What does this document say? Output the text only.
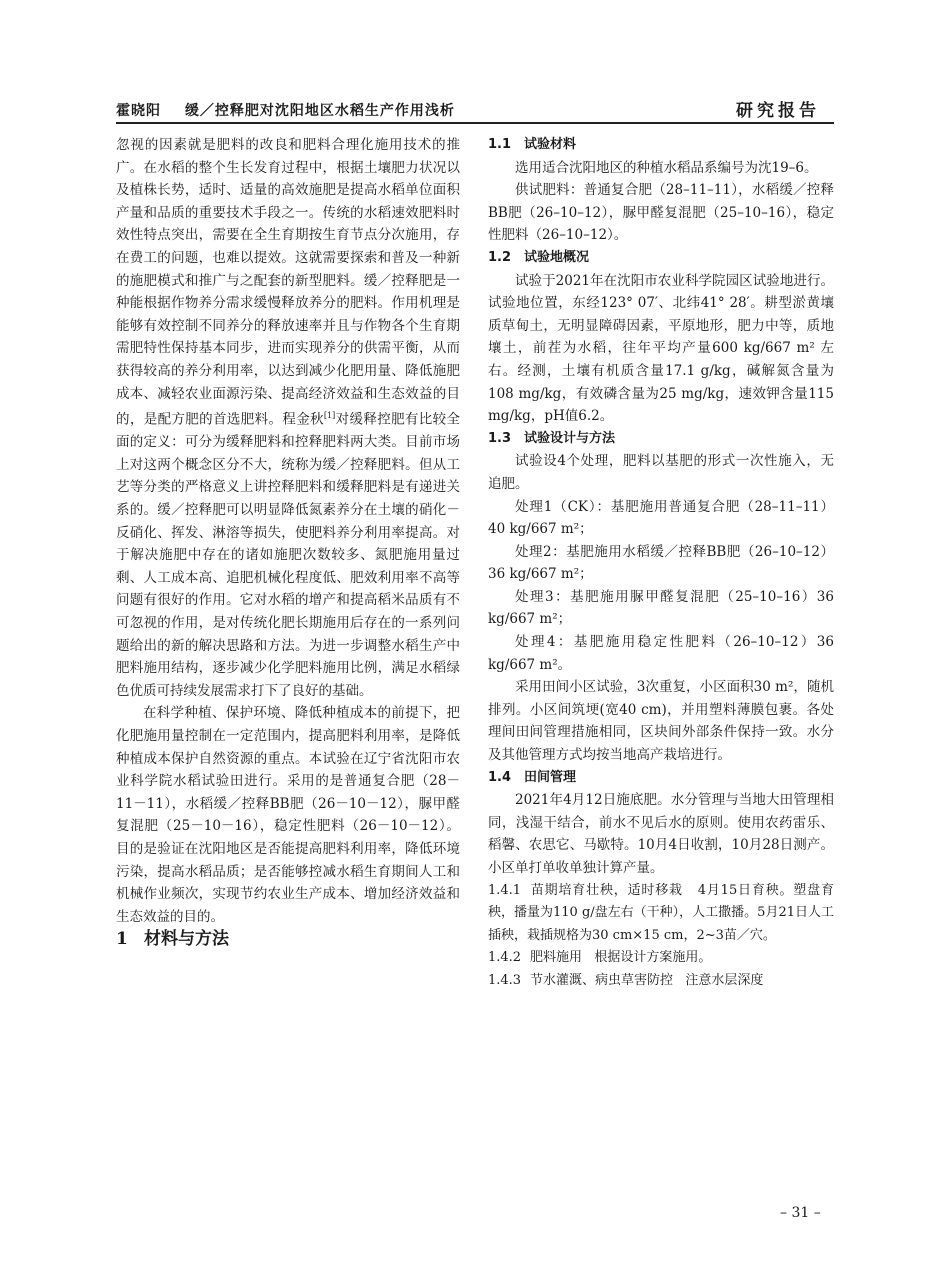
霍晓阳 缓／控释肥对沈阳地区水稻生产作用浅析	研究报告

忽视的因素就是肥料的改良和肥料合理化施用技术的推广。在水稻的整个生长发育过程中，根据土壤肥力状况以及植株长势，适时、适量的高效施肥是提高水稻单位面积产量和品质的重要技术手段之一。传统的水稻速效肥料时效性特点突出，需要在全生育期按生育节点分次施用，存在费工的问题，也难以提效。这就需要探索和普及一种新的施肥模式和推广与之配套的新型肥料。缓／控释肥是一种能根据作物养分需求缓慢释放养分的肥料。作用机理是能够有效控制不同养分的释放速率并且与作物各个生育期需肥特性保持基本同步，进而实现养分的供需平衡，从而获得较高的养分利用率，以达到减少化肥用量、降低施肥成本、减轻农业面源污染、提高经济效益和生态效益的目的，是配方肥的首选肥料。程金秋[1]对缓释控肥有比较全面的定义：可分为缓释肥料和控释肥料两大类。目前市场上对这两个概念区分不大，统称为缓／控释肥料。但从工艺等分类的严格意义上讲控释肥料和缓释肥料是有递进关系的。缓／控释肥可以明显降低氮素养分在土壤的硝化－反硝化、挥发、淋溶等损失，使肥料养分利用率提高。对于解决施肥中存在的诸如施肥次数较多、氮肥施用量过剩、人工成本高、追肥机械化程度低、肥效利用率不高等问题有很好的作用。它对水稻的增产和提高稻米品质有不可忽视的作用，是对传统化肥长期施用后存在的一系列问题给出的新的解决思路和方法。为进一步调整水稻生产中肥料施用结构，逐步减少化学肥料施用比例，满足水稻绿色优质可持续发展需求打下了良好的基础。

在科学种植、保护环境、降低种植成本的前提下，把化肥施用量控制在一定范围内，提高肥料利用率，是降低种植成本保护自然资源的重点。本试验在辽宁省沈阳市农业科学院水稻试验田进行。采用的是普通复合肥（28－11－11），水稻缓／控释BB肥（26－10－12），脲甲醛复混肥（25－10－16），稳定性肥料（26－10－12）。目的是验证在沈阳地区是否能提高肥料利用率，降低环境污染，提高水稻品质；是否能够控减水稻生育期间人工和机械作业频次，实现节约农业生产成本、增加经济效益和生态效益的目的。

1 材料与方法

1.1 试验材料

选用适合沈阳地区的种植水稻品系编号为沈19–6。

供试肥料：普通复合肥（28–11–11），水稻缓／控释BB肥（26–10–12），脲甲醛复混肥（25–10–16），稳定性肥料（26–10–12）。

1.2 试验地概况

试验于2021年在沈阳市农业科学院园区试验地进行。试验地位置，东经123° 07′、北纬41° 28′。耕型淤黄壤质草甸土，无明显障碍因素，平原地形，肥力中等，质地壤土，前茬为水稻，往年平均产量600 kg/667 m² 左右。经测，土壤有机质含量17.1 g/kg，碱解氮含量为108 mg/kg，有效磷含量为25 mg/kg，速效钾含量115 mg/kg，pH值6.2。

1.3 试验设计与方法

试验设4个处理，肥料以基肥的形式一次性施入，无追肥。

处理1（CK）：基肥施用普通复合肥（28–11–11）40 kg/667 m²；

处理2：基肥施用水稻缓／控释BB肥（26–10–12）36 kg/667 m²；

处理3：基肥施用脲甲醛复混肥（25–10–16）36 kg/667 m²；

处理4：基肥施用稳定性肥料（26–10–12）36 kg/667 m²。

采用田间小区试验，3次重复，小区面积30 m²，随机排列。小区间筑埂(宽40 cm)，并用塑料薄膜包裹。各处理间田间管理措施相同，区块间外部条件保持一致。水分及其他管理方式均按当地高产栽培进行。

1.4 田间管理

2021年4月12日施底肥。水分管理与当地大田管理相同，浅湿干结合，前水不见后水的原则。使用农药雷乐、稻馨、农思它、马歇特。10月4日收割，10月28日测产。小区单打单收单独计算产量。

1.4.1 苗期培育壮秧，适时移栽 4月15日育秧。塑盘育秧，播量为110 g/盘左右（干种），人工撒播。5月21日人工插秧，栽插规格为30 cm×15 cm，2~3苗／穴。

1.4.2 肥料施用 根据设计方案施用。

1.4.3 节水灌溉、病虫草害防控 注意水层深度

– 31 –
